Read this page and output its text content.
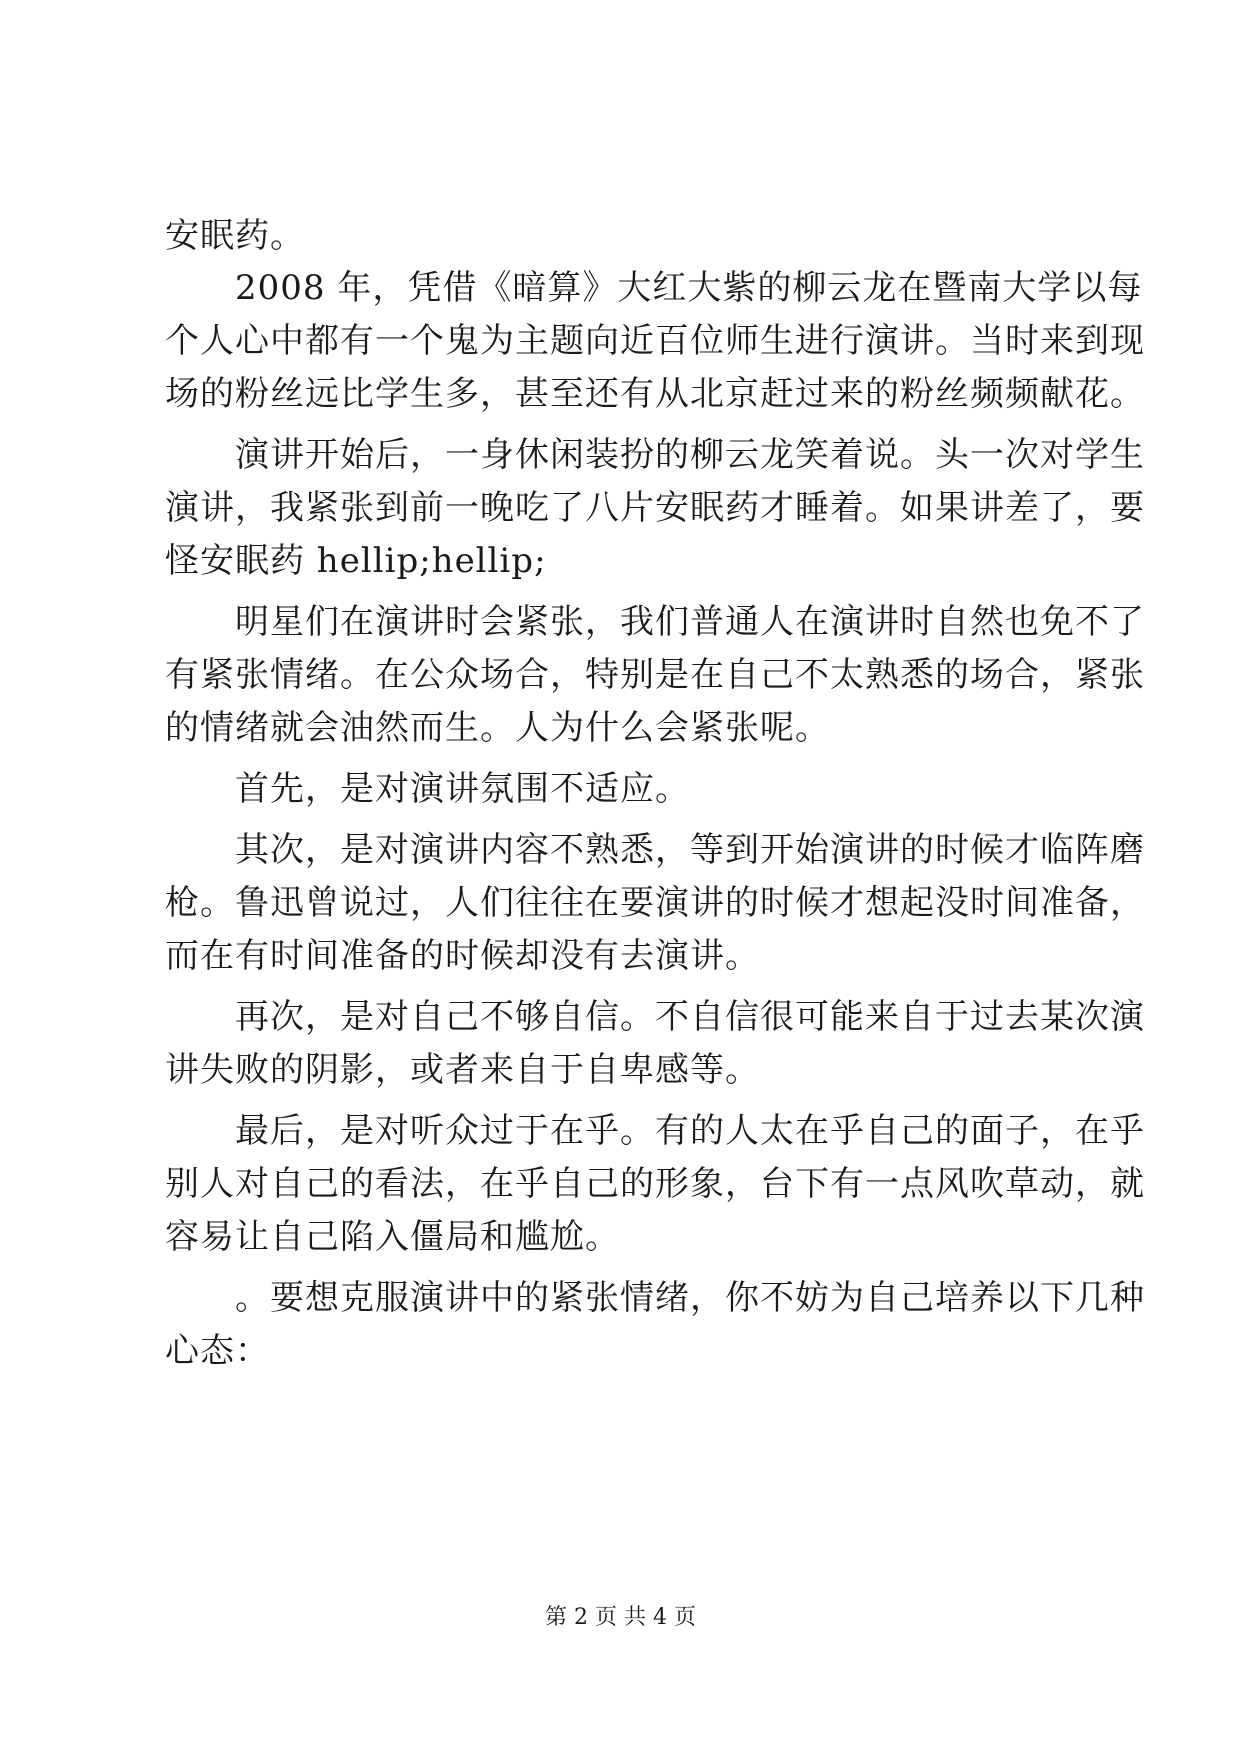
安眠药。
　　2008 年，凭借《暗算》大红大紫的柳云龙在暨南大学以每
个人心中都有一个鬼为主题向近百位师生进行演讲。当时来到现
场的粉丝远比学生多，甚至还有从北京赶过来的粉丝频频献花。
　　演讲开始后，一身休闲装扮的柳云龙笑着说。头一次对学生
演讲，我紧张到前一晚吃了八片安眠药才睡着。如果讲差了，要
怪安眠药 hellip;hellip;
　　明星们在演讲时会紧张，我们普通人在演讲时自然也免不了
有紧张情绪。在公众场合，特别是在自己不太熟悉的场合，紧张
的情绪就会油然而生。人为什么会紧张呢。
　　首先，是对演讲氛围不适应。
　　其次，是对演讲内容不熟悉，等到开始演讲的时候才临阵磨
枪。鲁迅曾说过，人们往往在要演讲的时候才想起没时间准备，
而在有时间准备的时候却没有去演讲。
　　再次，是对自己不够自信。不自信很可能来自于过去某次演
讲失败的阴影，或者来自于自卑感等。
　　最后，是对听众过于在乎。有的人太在乎自己的面子，在乎
别人对自己的看法，在乎自己的形象，台下有一点风吹草动，就
容易让自己陷入僵局和尴尬。
　　。要想克服演讲中的紧张情绪，你不妨为自己培养以下几种
心态：
第 2 页 共 4 页
